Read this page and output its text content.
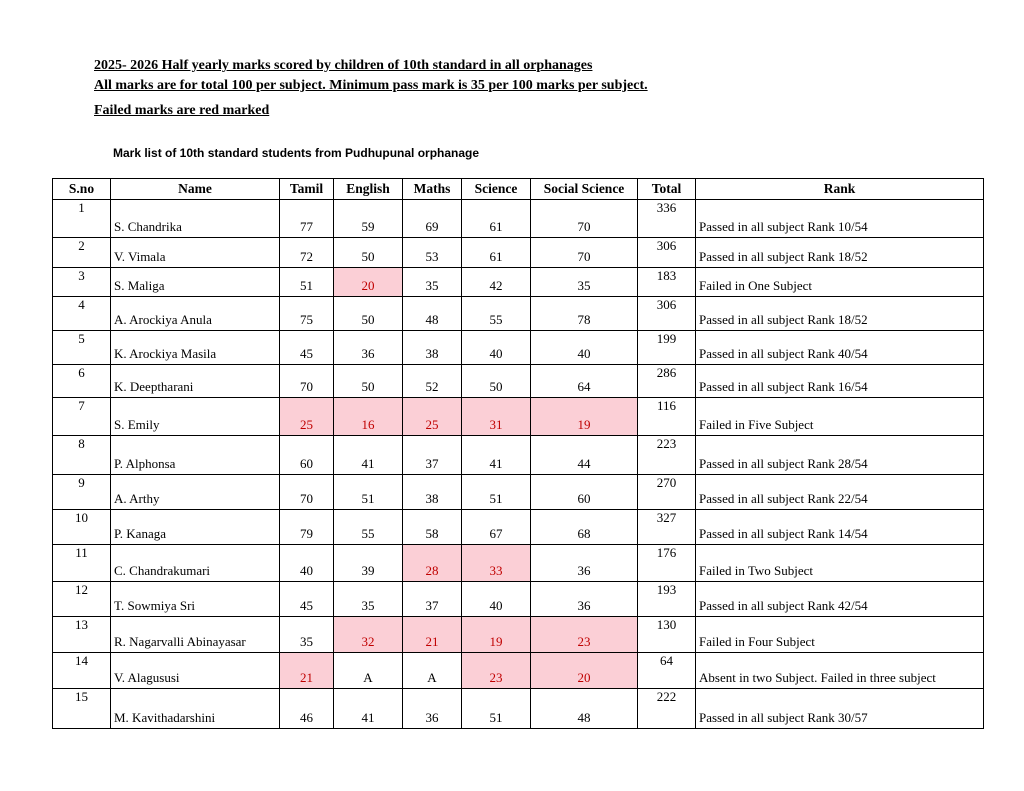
2025- 2026 Half yearly marks scored by children of 10th standard in all orphanages

All marks are for total 100 per subject. Minimum pass mark is 35 per 100 marks per subject.

Failed marks are red marked

Mark list of 10th standard students from Pudhupunal orphanage

S.no	Name	Tamil	English	Maths	Science	Social Science	Total	Rank
1	S. Chandrika	77	59	69	61	70	336	Passed in all subject Rank 10/54
2	V. Vimala	72	50	53	61	70	306	Passed in all subject Rank 18/52
3	S. Maliga	51	20	35	42	35	183	Failed in One Subject
4	A. Arockiya Anula	75	50	48	55	78	306	Passed in all subject Rank 18/52
5	K. Arockiya Masila	45	36	38	40	40	199	Passed in all subject Rank 40/54
6	K. Deeptharani	70	50	52	50	64	286	Passed in all subject Rank 16/54
7	S. Emily	25	16	25	31	19	116	Failed in Five Subject
8	P. Alphonsa	60	41	37	41	44	223	Passed in all subject Rank 28/54
9	A. Arthy	70	51	38	51	60	270	Passed in all subject Rank 22/54
10	P. Kanaga	79	55	58	67	68	327	Passed in all subject Rank 14/54
11	C. Chandrakumari	40	39	28	33	36	176	Failed in Two Subject
12	T. Sowmiya Sri	45	35	37	40	36	193	Passed in all subject Rank 42/54
13	R. Nagarvalli Abinayasar	35	32	21	19	23	130	Failed in Four Subject
14	V. Alagususi	21	A	A	23	20	64	Absent in two Subject. Failed in three subject
15	M. Kavithadarshini	46	41	36	51	48	222	Passed in all subject Rank 30/57
